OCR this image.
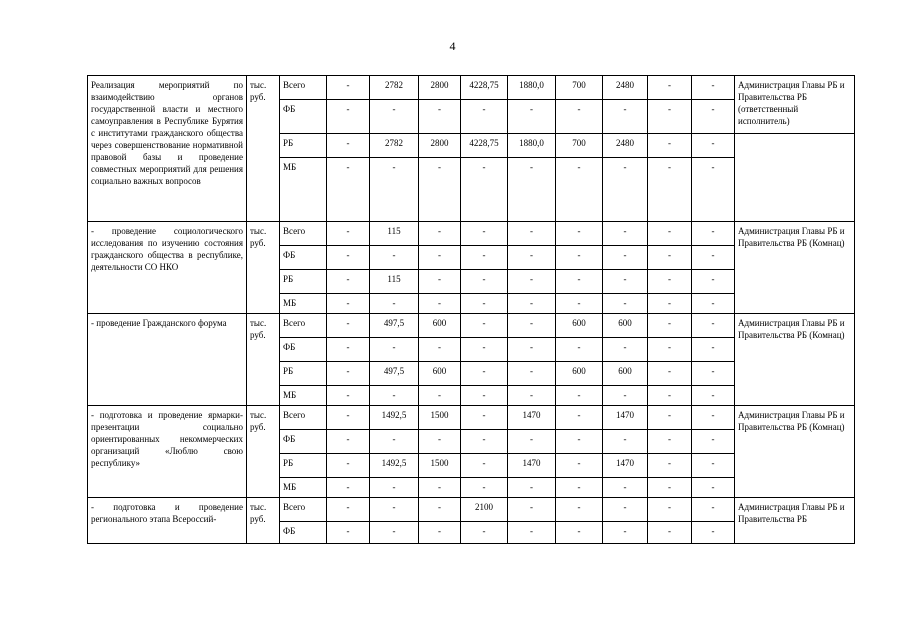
4
Реализация мероприятий по взаимодействию органов государственной власти и местного самоуправления в Республике Бурятия с институтами гражданского общества через совершенствование нормативной правовой базы и проведение совместных мероприятий для решения социально важных вопросов	тыс. руб.	Всего	-	2782	2800	4228,75	1880,0	700	2480	-	-	Администрация Главы РБ и Правительства РБ (ответственный исполнитель)
		ФБ	-	-	-	-	-	-	-	-	-	
		РБ	-	2782	2800	4228,75	1880,0	700	2480	-	-	
		МБ	-	-	-	-	-	-	-	-	-	

- проведение социологического исследования по изучению состояния гражданского общества в республике, деятельности СО НКО	тыс. руб.	Всего	-	115	-	-	-	-	-	-	-	Администрация Главы РБ и Правительства РБ (Комнац)
		ФБ	-	-	-	-	-	-	-	-	-	
		РБ	-	115	-	-	-	-	-	-	-	
		МБ	-	-	-	-	-	-	-	-	-	

- проведение Гражданского форума	тыс. руб.	Всего	-	497,5	600	-	-	600	600	-	-	Администрация Главы РБ и Правительства РБ (Комнац)
		ФБ	-	-	-	-	-	-	-	-	-	
		РБ	-	497,5	600	-	-	600	600	-	-	
		МБ	-	-	-	-	-	-	-	-	-	

- подготовка и проведение ярмарки-презентации социально ориентированных некоммерческих организаций «Люблю свою республику»	тыс. руб.	Всего	-	1492,5	1500	-	1470	-	1470	-	-	Администрация Главы РБ и Правительства РБ (Комнац)
		ФБ	-	-	-	-	-	-	-	-	-	
		РБ	-	1492,5	1500	-	1470	-	1470	-	-	
		МБ	-	-	-	-	-	-	-	-	-	

- подготовка и проведение регионального этапа Всероссий-	тыс. руб.	Всего	-	-	-	2100	-	-	-	-	-	Администрация Главы РБ и Правительства РБ
		ФБ	-	-	-	-	-	-	-	-	-	
